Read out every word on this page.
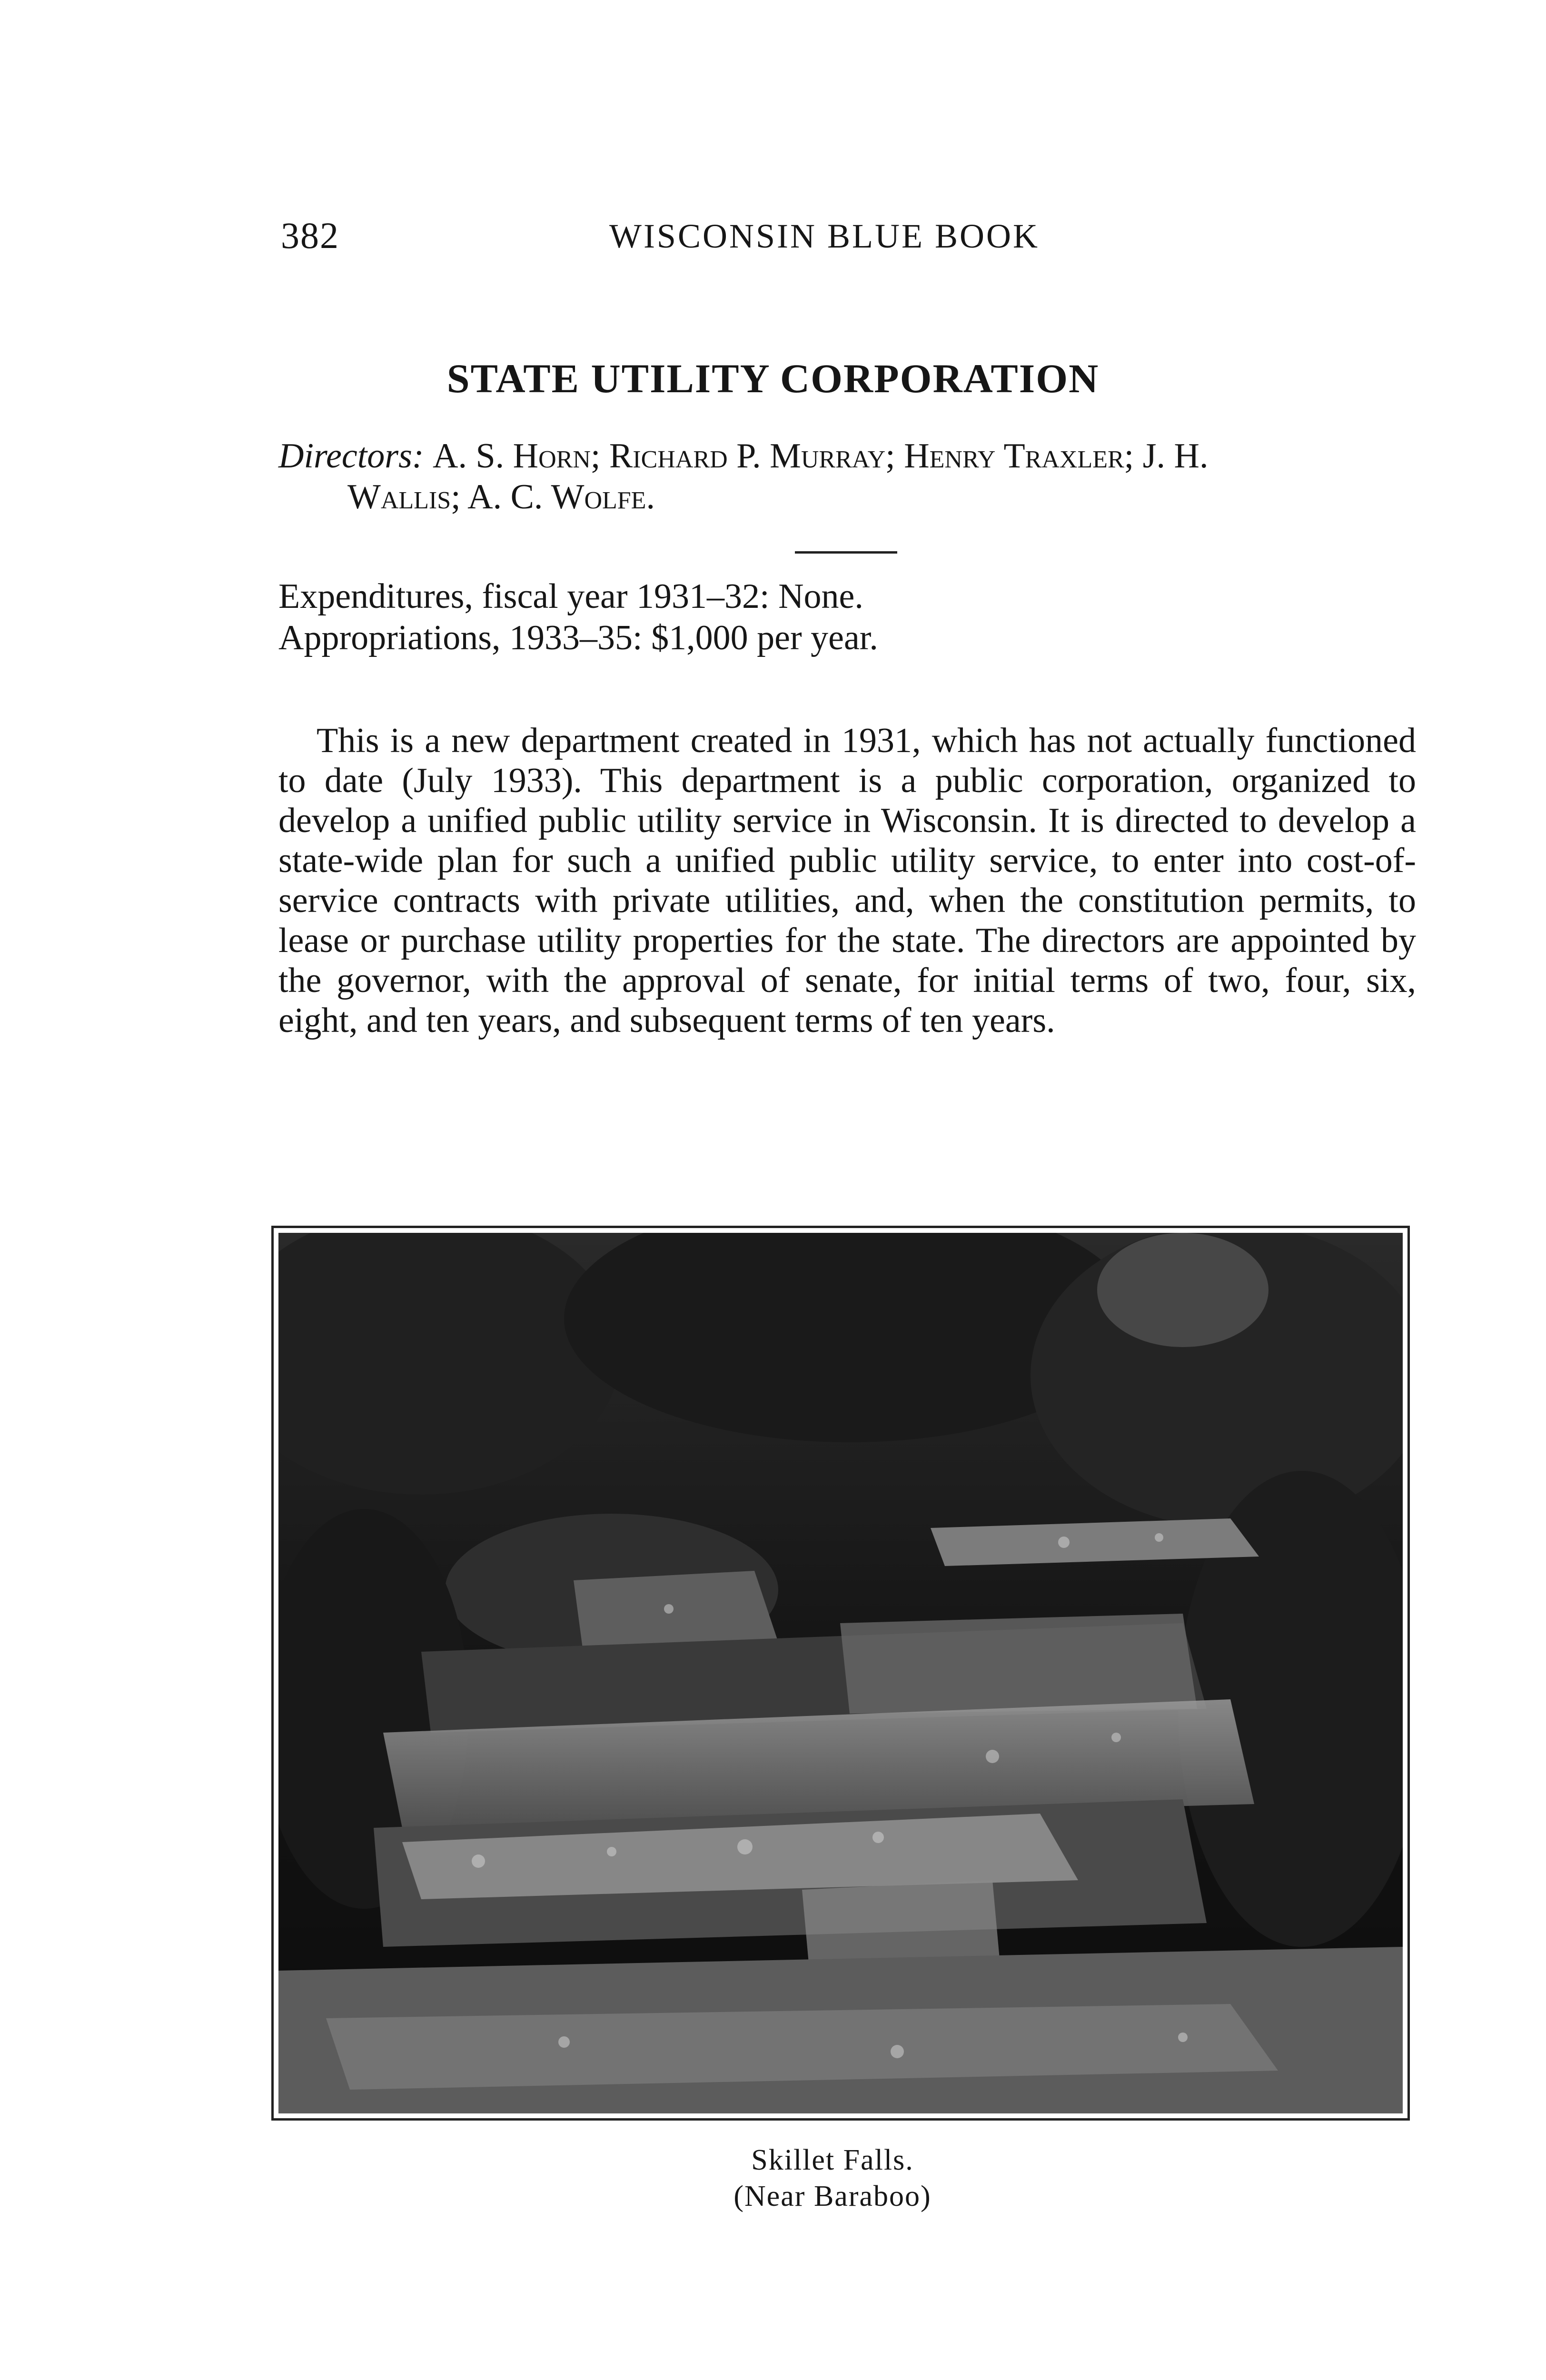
382	WISCONSIN BLUE BOOK
STATE UTILITY CORPORATION
Directors: A. S. Horn; Richard P. Murray; Henry Traxler; J. H.
Wallis; A. C. Wolfe.
Expenditures, fiscal year 1931–32: None.
Appropriations, 1933–35: $1,000 per year.

This is a new department created in 1931, which has not actually functioned to date (July 1933). This department is a public corporation, organized to develop a unified public utility service in Wisconsin. It is directed to develop a state-wide plan for such a unified public utility service, to enter into cost-of-service contracts with private utilities, and, when the constitution permits, to lease or purchase utility properties for the state. The directors are appointed by the governor, with the approval of senate, for initial terms of two, four, six, eight, and ten years, and subsequent terms of ten years.

Skillet Falls.
(Near Baraboo)
